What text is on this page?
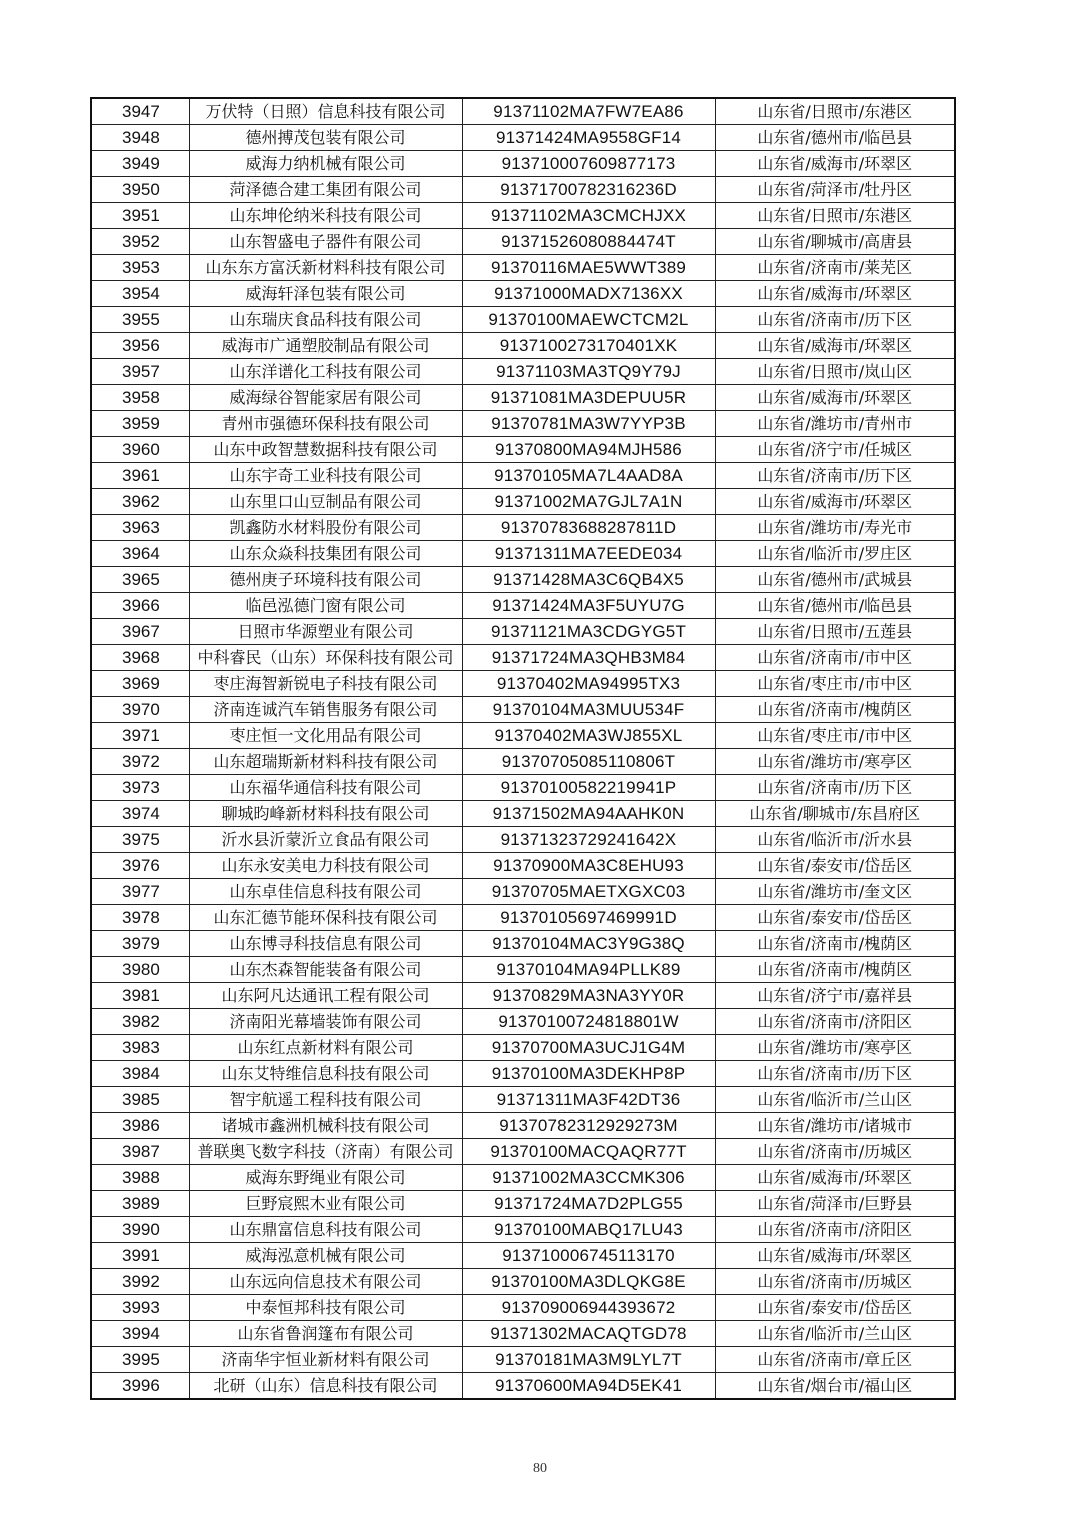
3947	万伏特（日照）信息科技有限公司	91371102MA7FW7EA86	山东省/日照市/东港区
3948	德州搏茂包装有限公司	91371424MA9558GF14	山东省/德州市/临邑县
3949	威海力纳机械有限公司	913710007609877173	山东省/威海市/环翠区
3950	菏泽德合建工集团有限公司	91371700782316236D	山东省/菏泽市/牡丹区
3951	山东坤伦纳米科技有限公司	91371102MA3CMCHJXX	山东省/日照市/东港区
3952	山东智盛电子器件有限公司	91371526080884474T	山东省/聊城市/高唐县
3953	山东东方富沃新材料科技有限公司	91370116MAE5WWT389	山东省/济南市/莱芜区
3954	威海轩泽包装有限公司	91371000MADX7136XX	山东省/威海市/环翠区
3955	山东瑞庆食品科技有限公司	91370100MAEWCTCM2L	山东省/济南市/历下区
3956	威海市广通塑胶制品有限公司	9137100273170401XK	山东省/威海市/环翠区
3957	山东洋谱化工科技有限公司	91371103MA3TQ9Y79J	山东省/日照市/岚山区
3958	威海绿谷智能家居有限公司	91371081MA3DEPUU5R	山东省/威海市/环翠区
3959	青州市强德环保科技有限公司	91370781MA3W7YYP3B	山东省/潍坊市/青州市
3960	山东中政智慧数据科技有限公司	91370800MA94MJH586	山东省/济宁市/任城区
3961	山东宇奇工业科技有限公司	91370105MA7L4AAD8A	山东省/济南市/历下区
3962	山东里口山豆制品有限公司	91371002MA7GJL7A1N	山东省/威海市/环翠区
3963	凯鑫防水材料股份有限公司	91370783688287811D	山东省/潍坊市/寿光市
3964	山东众焱科技集团有限公司	91371311MA7EEDE034	山东省/临沂市/罗庄区
3965	德州庚子环境科技有限公司	91371428MA3C6QB4X5	山东省/德州市/武城县
3966	临邑泓德门窗有限公司	91371424MA3F5UYU7G	山东省/德州市/临邑县
3967	日照市华源塑业有限公司	91371121MA3CDGYG5T	山东省/日照市/五莲县
3968	中科睿民（山东）环保科技有限公司	91371724MA3QHB3M84	山东省/济南市/市中区
3969	枣庄海智新锐电子科技有限公司	91370402MA94995TX3	山东省/枣庄市/市中区
3970	济南连诚汽车销售服务有限公司	91370104MA3MUU534F	山东省/济南市/槐荫区
3971	枣庄恒一文化用品有限公司	91370402MA3WJ855XL	山东省/枣庄市/市中区
3972	山东超瑞斯新材料科技有限公司	91370705085110806T	山东省/潍坊市/寒亭区
3973	山东福华通信科技有限公司	91370100582219941P	山东省/济南市/历下区
3974	聊城昀峰新材料科技有限公司	91371502MA94AAHK0N	山东省/聊城市/东昌府区
3975	沂水县沂蒙沂立食品有限公司	91371323729241642X	山东省/临沂市/沂水县
3976	山东永安美电力科技有限公司	91370900MA3C8EHU93	山东省/泰安市/岱岳区
3977	山东卓佳信息科技有限公司	91370705MAETXGXC03	山东省/潍坊市/奎文区
3978	山东汇德节能环保科技有限公司	91370105697469991D	山东省/泰安市/岱岳区
3979	山东博寻科技信息有限公司	91370104MAC3Y9G38Q	山东省/济南市/槐荫区
3980	山东杰森智能装备有限公司	91370104MA94PLLK89	山东省/济南市/槐荫区
3981	山东阿凡达通讯工程有限公司	91370829MA3NA3YY0R	山东省/济宁市/嘉祥县
3982	济南阳光幕墙装饰有限公司	91370100724818801W	山东省/济南市/济阳区
3983	山东红点新材料有限公司	91370700MA3UCJ1G4M	山东省/潍坊市/寒亭区
3984	山东艾特维信息科技有限公司	91370100MA3DEKHP8P	山东省/济南市/历下区
3985	智宇航遥工程科技有限公司	91371311MA3F42DT36	山东省/临沂市/兰山区
3986	诸城市鑫洲机械科技有限公司	91370782312929273M	山东省/潍坊市/诸城市
3987	普联奥飞数字科技（济南）有限公司	91370100MACQAQR77T	山东省/济南市/历城区
3988	威海东野绳业有限公司	91371002MA3CCMK306	山东省/威海市/环翠区
3989	巨野宸熙木业有限公司	91371724MA7D2PLG55	山东省/菏泽市/巨野县
3990	山东鼎富信息科技有限公司	91370100MABQ17LU43	山东省/济南市/济阳区
3991	威海泓意机械有限公司	913710006745113170	山东省/威海市/环翠区
3992	山东远向信息技术有限公司	91370100MA3DLQKG8E	山东省/济南市/历城区
3993	中泰恒邦科技有限公司	913709006944393672	山东省/泰安市/岱岳区
3994	山东省鲁润篷布有限公司	91371302MACAQTGD78	山东省/临沂市/兰山区
3995	济南华宇恒业新材料有限公司	91370181MA3M9LYL7T	山东省/济南市/章丘区
3996	北研（山东）信息科技有限公司	91370600MA94D5EK41	山东省/烟台市/福山区
80
